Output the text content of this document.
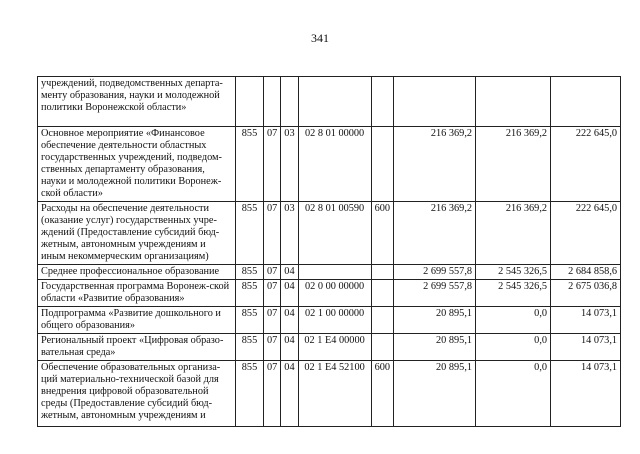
341
учреждений, подведомственных департа-ментy образования, науки и молодежной политики Воронежской области»								
Основное мероприятие «Финансовое обеспечение деятельности областных государственных учреждений, подведом-ственных департаменту образования, науки и молодежной политики Воронеж-ской области»	855	07	03	02 8 01 00000		216 369,2	216 369,2	222 645,0
Расходы на обеспечение деятельности (оказание услуг) государственных учре-ждений (Предоставление субсидий бюд-жетным, автономным учреждениям и иным некоммерческим организациям)	855	07	03	02 8 01 00590	600	216 369,2	216 369,2	222 645,0
Среднее профессиональное образование	855	07	04			2 699 557,8	2 545 326,5	2 684 858,6
Государственная программа Воронеж-ской области «Развитие образования»	855	07	04	02 0 00 00000		2 699 557,8	2 545 326,5	2 675 036,8
Подпрограмма «Развитие дошкольного и общего образования»	855	07	04	02 1 00 00000		20 895,1	0,0	14 073,1
Региональный проект «Цифровая образо-вательная среда»	855	07	04	02 1 Е4 00000		20 895,1	0,0	14 073,1
Обеспечение образовательных организа-ций материально-технической базой для внедрения цифровой образовательной среды (Предоставление субсидий бюд-жетным, автономным учреждениям и	855	07	04	02 1 Е4 52100	600	20 895,1	0,0	14 073,1
